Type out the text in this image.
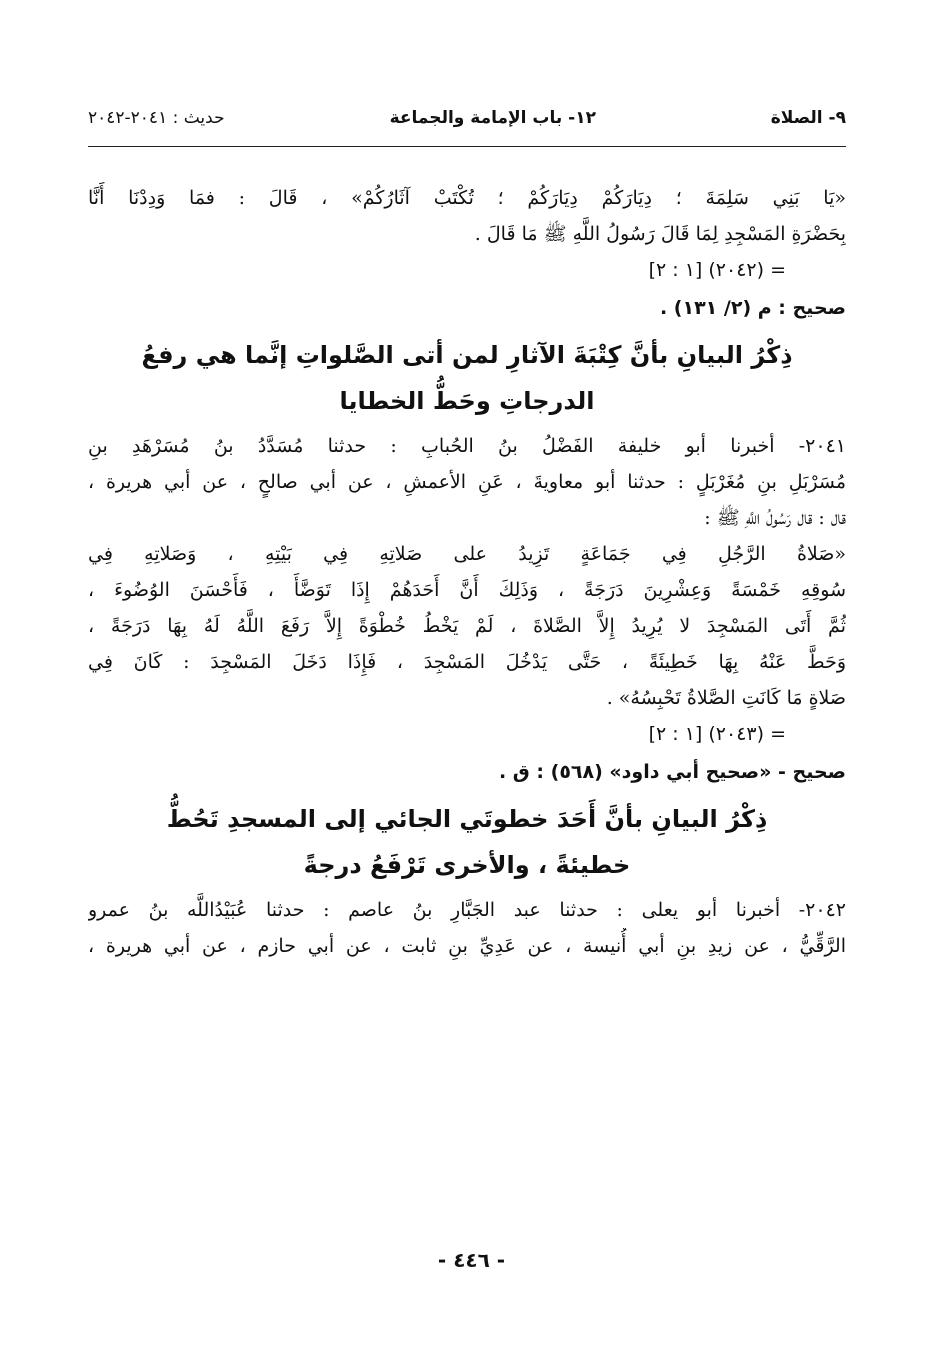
٩- الصلاة
١٢- باب الإمامة والجماعة
حديث : ٢٠٤١-٢٠٤٢
«يَا بَنِي سَلِمَةَ ؛ دِيَارَكُمْ دِيَارَكُمْ ؛ تُكْتَبْ آثَارُكُمْ» ، قَالَ : فمَا وَدِدْنَا أَنَّا
بِحَضْرَةِ المَسْجِدِ لِمَا قَالَ رَسُولُ اللَّهِ ﷺ مَا قَالَ .
= (٢٠٤٢) [١ : ٢]
صحيح : م (٢/ ١٣١) .
ذِكْرُ البيانِ بأنَّ كِتْبَةَ الآثارِ لمن أتى الصَّلواتِ إنَّما هي رفعُ
الدرجاتِ وحَطُّ الخطايا
٢٠٤١- أخبرنا أبو خليفة الفَضْلُ بنُ الحُبابِ : حدثنا مُسَدَّدُ بنُ مُسَرْهَدِ بنِ
مُسَرْبَلِ بنِ مُغَرْبَلٍ : حدثنا أبو معاويةَ ، عَنِ الأعمشِ ، عن أبي صالحٍ ، عن أبي هريرة ،
قال : قال رَسُولُ اللَّهِ ﷺ :
«صَلاةُ الرَّجُلِ فِي جَمَاعَةٍ تَزِيدُ على صَلاتِهِ فِي بَيْتِهِ ، وَصَلاتِهِ فِي
سُوقِهِ خَمْسَةً وَعِشْرِينَ دَرَجَةً ، وَذَلِكَ أَنَّ أَحَدَهُمْ إِذَا تَوَضَّأَ ، فَأَحْسَنَ الوُضُوءَ ،
ثُمَّ أَتَى المَسْجِدَ لا يُرِيدُ إِلاَّ الصَّلاةَ ، لَمْ يَخْطُ خُطْوَةً إِلاَّ رَفَعَ اللَّهُ لَهُ بِهَا دَرَجَةً ،
وَحَطَّ عَنْهُ بِهَا خَطِيئَةً ، حَتَّى يَدْخُلَ المَسْجِدَ ، فَإِذَا دَخَلَ المَسْجِدَ : كَانَ فِي
صَلاةٍ مَا كَانَتِ الصَّلاةُ تَحْبِسُهُ» .
= (٢٠٤٣) [١ : ٢]
صحيح - «صحيح أبي داود» (٥٦٨) : ق .
ذِكْرُ البيانِ بأنَّ أَحَدَ خطوتَي الجائي إلى المسجدِ تَحُطُّ
خطيئةً ، والأخرى تَرْفَعُ درجةً
٢٠٤٢- أخبرنا أبو يعلى : حدثنا عبد الجَبَّارِ بنُ عاصم : حدثنا عُبَيْدُاللَّه بنُ عمرو
الرَّقِّيُّ ، عن زيدِ بنِ أبي أُنيسة ، عن عَدِيِّ بنِ ثابت ، عن أبي حازم ، عن أبي هريرة ،
- ٤٤٦ -
